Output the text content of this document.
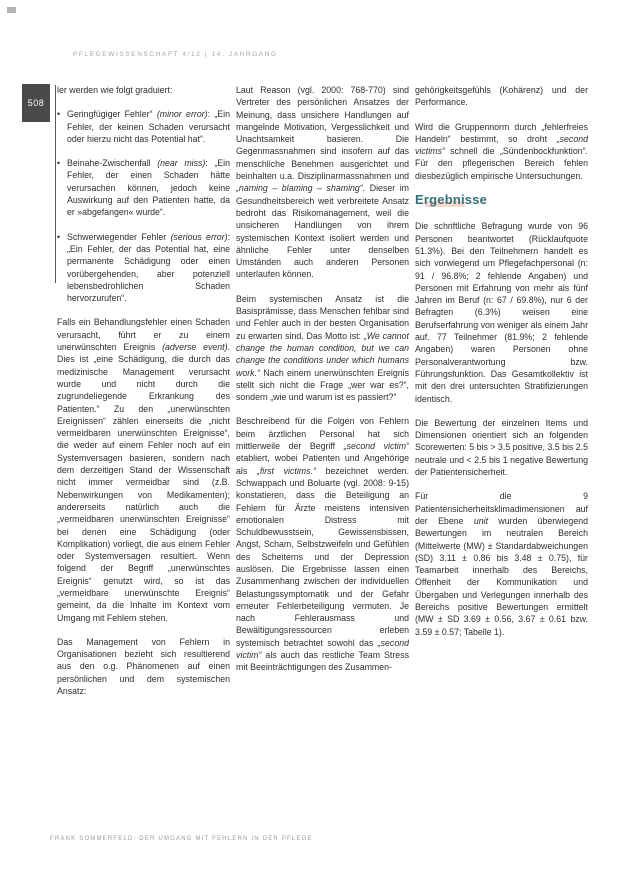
PFLEGEWISSENSCHAFT 4/12 | 14. JAHRGANG
508

ler werden wie folgt graduiert:

• Geringfügiger Fehler“ (minor error): „Ein Fehler, der keinen Schaden verursacht oder hierzu nicht das Potential hat“.

• Beinahe-Zwischenfall (near miss): „Ein Fehler, der einen Schaden hätte verursachen können, jedoch keine Auswirkung auf den Patienten hatte, da er »abgefangen« wurde“.

• Schwerwiegender Fehler (serious error): „Ein Fehler, der das Potential hat, eine permanente Schädigung oder einen vorübergehenden, aber potenziell lebensbedrohlichen Schaden hervorzurufen“.

Falls ein Behandlungsfehler einen Schaden verursacht, führt er zu einem unerwünschten Ereignis (adverse event). Dies ist „eine Schädigung, die durch das medizinische Management verursacht wurde und nicht durch die zugrundeliegende Erkrankung des Patienten.“ Zu den „unerwünschten Ereignissen“ zählen einerseits die „nicht vermeidbaren unerwünschten Ereignisse“, die weder auf einem Fehler noch auf ein Systemversagen basieren, sondern nach dem derzeitigen Stand der Wissenschaft nicht immer vermeidbar sind (z.B. Nebenwirkungen von Medikamenten); andererseits natürlich auch die „vermeidbaren unerwünschten Ereignisse“ bei denen eine Schädigung (oder Komplikation) vorliegt, die aus einem Fehler oder Systemversagen resultiert. Wenn folgend der Begriff „unerwünschtes Ereignis“ genutzt wird, so ist das „vermeidbare unerwünschte Ereignis“ gemeint, da die Inhalte im Kontext vom Umgang mit Fehlern stehen.

Das Management von Fehlern in Organisationen bezieht sich resultierend aus den o.g. Phänomenen auf einen persönlichen und dem systemischen Ansatz:

Laut Reason (vgl. 2000: 768-770) sind Vertreter des persönlichen Ansatzes der Meinung, dass unsichere Handlungen auf mangelnde Motivation, Vergesslichkeit und Unachtsamkeit basieren. Die Gegenmassnahmen sind insofern auf das menschliche Benehmen ausgerichtet und beinhalten u.a. Disziplinarmassnahmen und „naming – blaming – shaming“. Dieser im Gesundheitsbereich weit verbreitete Ansatz bedroht das Risikomanagement, weil die unsicheren Handlungen von ihrem systemischen Kontext isoliert werden und ähnliche Fehler unter denselben Umständen auch anderen Personen unterlaufen können.

Beim systemischen Ansatz ist die Basisprämisse, dass Menschen fehlbar sind und Fehler auch in der besten Organisation zu erwarten sind. Das Motto ist: „We cannot change the human condition, but we can change the conditions under which humans work.“ Nach einem unerwünschten Ereignis stellt sich nicht die Frage „wer war es?“, sondern „wie und warum ist es passiert?“

Beschreibend für die Folgen von Fehlern beim ärztlichen Personal hat sich mittlerweile der Begriff „second victim“ etabliert, wobei Patienten und Angehörige als „first victims.“ bezeichnet werden. Schwappach und Boluarte (vgl. 2008: 9-15) konstatieren, dass die Beteiligung an Fehlern für Ärzte meistens intensiven emotionalen Distress mit Schuldbewusstsein, Gewissensbissen, Angst, Scham, Selbstzweifeln und Gefühlen des Scheiterns und der Depression auslösen. Die Ergebnisse lassen einen Zusammenhang zwischen der individuellen Belastungssymptomatik und der Gefahr erneuter Fehlerbeteiligung vermuten. Je nach Fehlerausmass und Bewältigungsressourcen erleben systemisch betrachtet sowohl das „second victim“ als auch das restliche Team Stress mit Beeinträchtigungen des Zusammen-

gehörigkeitsgefühls (Kohärenz) und der Performance.

Wird die Gruppennorm durch „fehlerfreies Handeln“ bestimmt, so droht „second victims“ schnell die „Sündenbockfunktion“. Für den pflegerischen Bereich fehlen diesbezüglich empirische Untersuchungen.

Ergebnisse

Die schriftliche Befragung wurde von 96 Personen beantwortet (Rücklaufquote 51.3%). Bei den Teilnehmern handelt es sich vorwiegend um Pflegefachpersonal (n: 91 / 96.8%; 2 fehlende Angaben) und Personen mit Erfahrung von mehr als fünf Jahren im Beruf (n: 67 / 69.8%), nur 6 der Befragten (6.3%) weisen eine Berufserfahrung von weniger als einem Jahr auf. 77 Teilnehmer (81.9%; 2 fehlende Angaben) waren Personen ohne Personalverantwortung bzw. Führungsfunktion. Das Gesamtkollektiv ist mit den drei untersuchten Stratifizierungen identisch.

Die Bewertung der einzelnen Items und Dimensionen orientiert sich an folgenden Scorewerten: 5 bis > 3.5 positive, 3.5 bis 2.5 neutrale und < 2.5 bis 1 negative Bewertung der Patientensicherheit.

Für die 9 Patientensicherheitsklimadimensionen auf der Ebene unit wurden überwiegend Bewertungen im neutralen Bereich (Mittelwerte (MW) ± Standardabweichungen (SD) 3.11 ± 0.86 bis 3.48 ± 0.75), für Teamarbeit innerhalb des Bereichs, Offenheit der Kommunikation und Übergaben und Verlegungen innerhalb des Bereichs positive Bewertungen ermittelt (MW ± SD 3.69 ± 0.56, 3.67 ± 0.61 bzw. 3.59 ± 0.57; Tabelle 1).

FRANK SOMMERFELD: DER UMGANG MIT FEHLERN IN DER PFLEGE
